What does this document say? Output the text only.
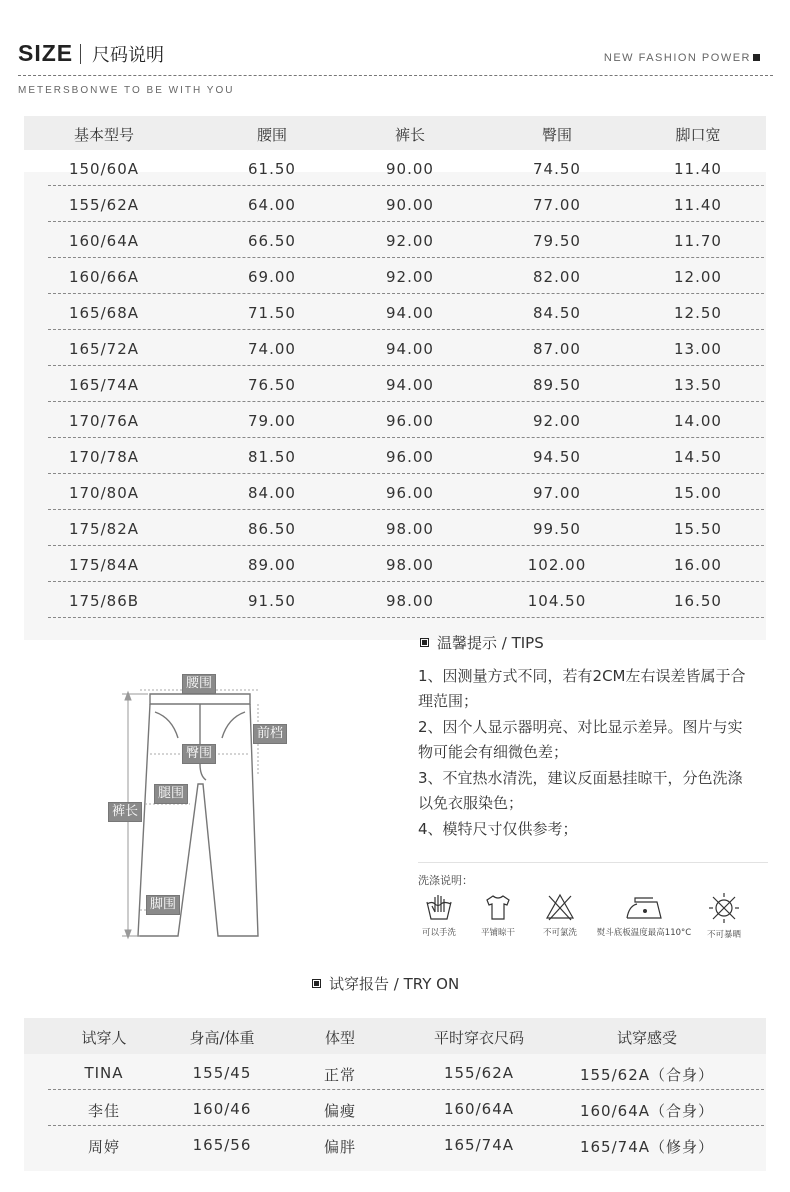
SIZE 尺码说明	NEW FASHION POWER
METERSBONWE TO BE WITH YOU
基本型号	腰围	裤长	臀围	脚口宽
150/60A	61.50	90.00	74.50	11.40
155/62A	64.00	90.00	77.00	11.40
160/64A	66.50	92.00	79.50	11.70
160/66A	69.00	92.00	82.00	12.00
165/68A	71.50	94.00	84.50	12.50
165/72A	74.00	94.00	87.00	13.00
165/74A	76.50	94.00	89.50	13.50
170/76A	79.00	96.00	92.00	14.00
170/78A	81.50	96.00	94.50	14.50
170/80A	84.00	96.00	97.00	15.00
175/82A	86.50	98.00	99.50	15.50
175/84A	89.00	98.00	102.00	16.00
175/86B	91.50	98.00	104.50	16.50
腰围
前档
臀围
腿围
裤长
脚围
温馨提示 / TIPS
1、因测量方式不同，若有2CM左右误差皆属于合理范围；
2、因个人显示器明亮、对比显示差异。图片与实物可能会有细微色差；
3、不宜热水清洗，建议反面悬挂晾干，分色洗涤以免衣服染色；
4、模特尺寸仅供参考；
洗涤说明：
可以手洗	平铺晾干	不可氯洗	熨斗底板温度最高110°C	不可暴晒
试穿报告 / TRY ON
试穿人	身高/体重	体型	平时穿衣尺码	试穿感受
TINA	155/45	正常	155/62A	155/62A（合身）
李佳	160/46	偏瘦	160/64A	160/64A（合身）
周婷	165/56	偏胖	165/74A	165/74A（修身）
